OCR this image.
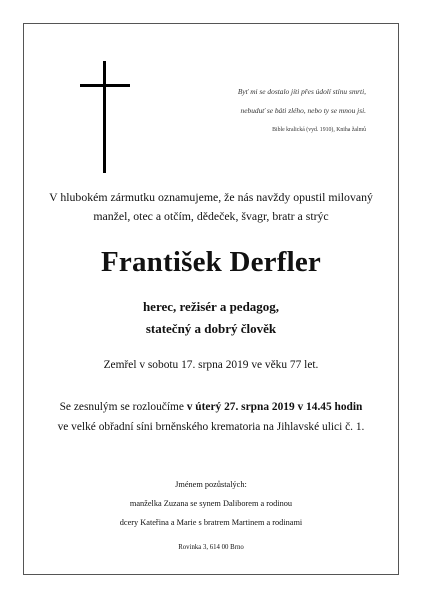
Byť mi se dostalo jíti přes údolí stínu smrti,
nebuduť se báti zlého, nebo ty se mnou jsi.
Bible kralická (vyd. 1910), Kniha žalmů
V hlubokém zármutku oznamujeme, že nás navždy opustil milovaný
manžel, otec a otčím, dědeček, švagr, bratr a strýc
František Derfler
herec, režisér a pedagog,
statečný a dobrý člověk
Zemřel v sobotu 17. srpna 2019 ve věku 77 let.
Se zesnulým se rozloučíme v úterý 27. srpna 2019 v 14.45 hodin
ve velké obřadní síni brněnského krematoria na Jihlavské ulici č. 1.
Jménem pozůstalých:
manželka Zuzana se synem Daliborem a rodinou
dcery Kateřina a Marie s bratrem Martinem a rodinami
Rovinka 3, 614 00 Brno
